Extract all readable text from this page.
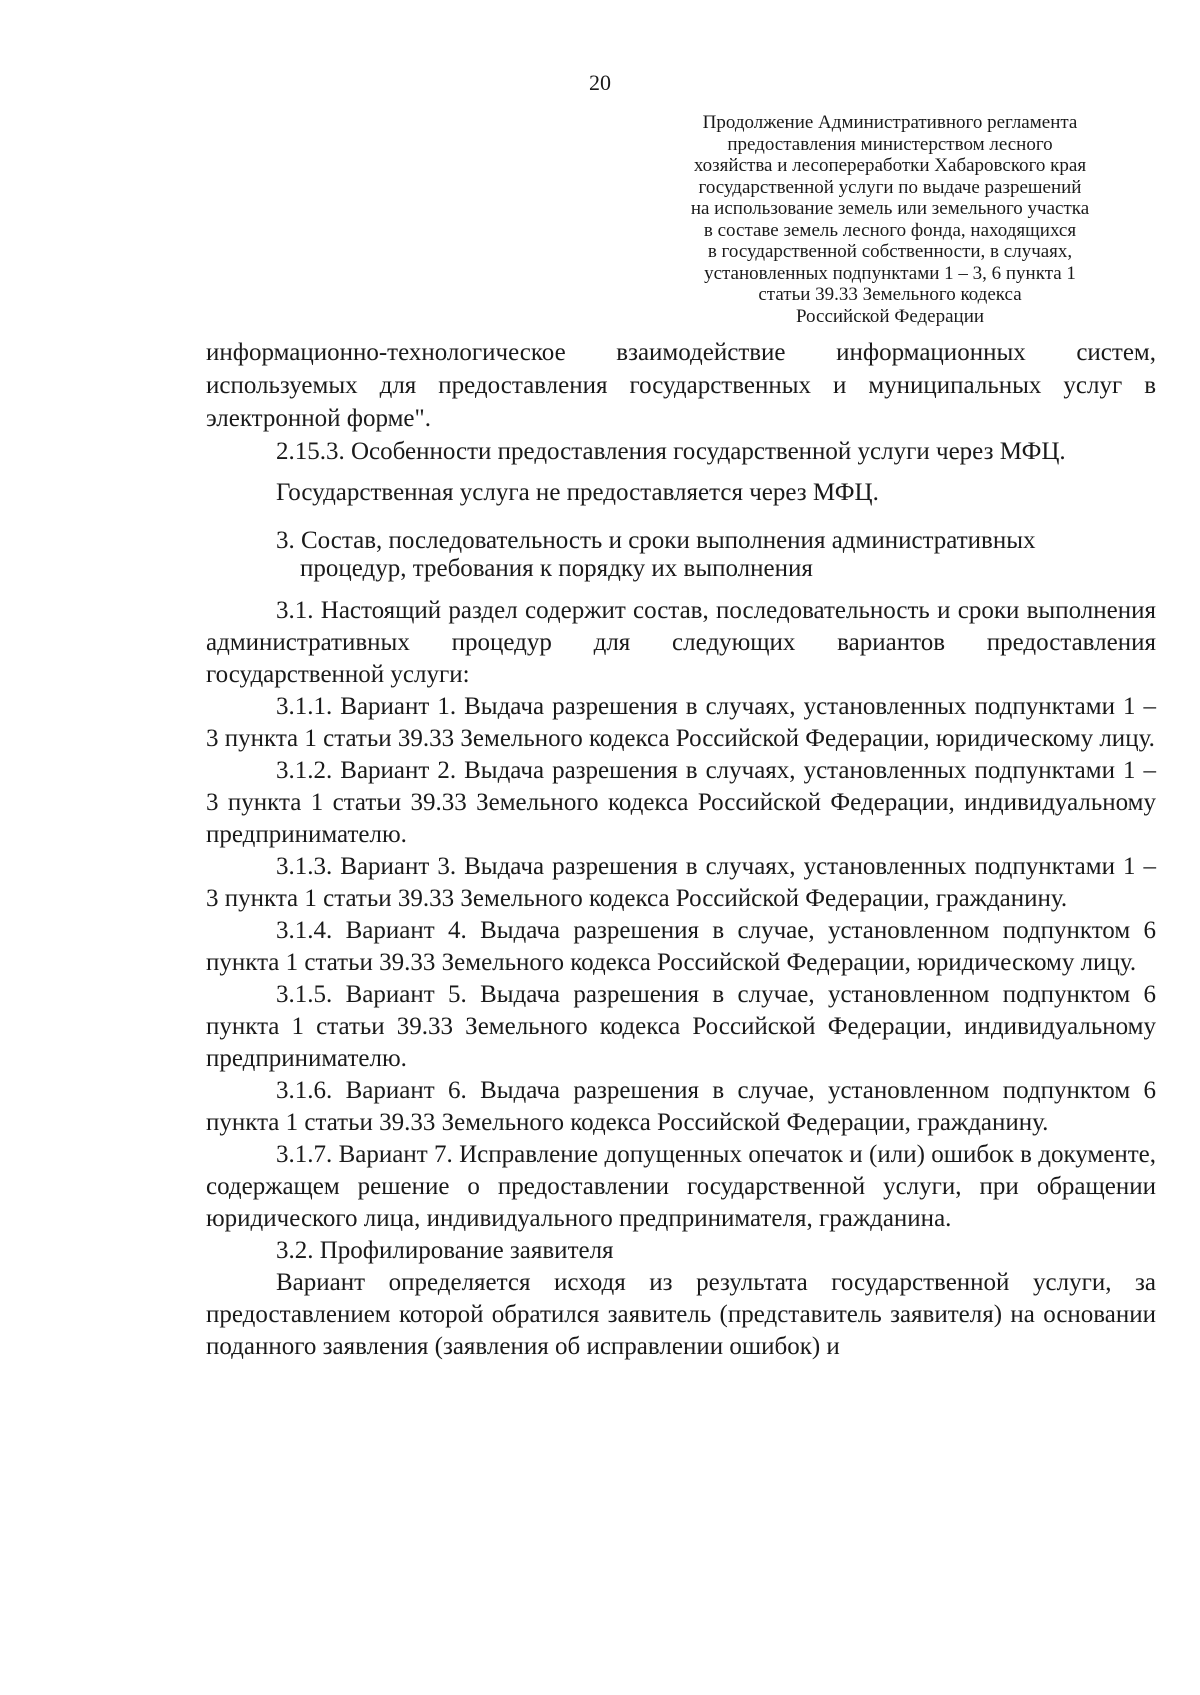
20
Продолжение Административного регламента
предоставления министерством лесного
хозяйства и лесопереработки Хабаровского края
государственной услуги по выдаче разрешений
на использование земель или земельного участка
в составе земель лесного фонда, находящихся
в государственной собственности, в случаях,
установленных подпунктами 1 – 3, 6 пункта 1
статьи 39.33 Земельного кодекса
Российской Федерации

информационно-технологическое взаимодействие информационных систем, используемых для предоставления государственных и муниципальных услуг в электронной форме".

2.15.3. Особенности предоставления государственной услуги через МФЦ.

Государственная услуга не предоставляется через МФЦ.

3. Состав, последовательность и сроки выполнения административных
процедур, требования к порядку их выполнения

3.1. Настоящий раздел содержит состав, последовательность и сроки выполнения административных процедур для следующих вариантов предоставления государственной услуги:

3.1.1. Вариант 1. Выдача разрешения в случаях, установленных подпунктами 1 – 3 пункта 1 статьи 39.33 Земельного кодекса Российской Федерации, юридическому лицу.

3.1.2. Вариант 2. Выдача разрешения в случаях, установленных подпунктами 1 – 3 пункта 1 статьи 39.33 Земельного кодекса Российской Федерации, индивидуальному предпринимателю.

3.1.3. Вариант 3. Выдача разрешения в случаях, установленных подпунктами 1 – 3 пункта 1 статьи 39.33 Земельного кодекса Российской Федерации, гражданину.

3.1.4. Вариант 4. Выдача разрешения в случае, установленном подпунктом 6 пункта 1 статьи 39.33 Земельного кодекса Российской Федерации, юридическому лицу.

3.1.5. Вариант 5. Выдача разрешения в случае, установленном подпунктом 6 пункта 1 статьи 39.33 Земельного кодекса Российской Федерации, индивидуальному предпринимателю.

3.1.6. Вариант 6. Выдача разрешения в случае, установленном подпунктом 6 пункта 1 статьи 39.33 Земельного кодекса Российской Федерации, гражданину.

3.1.7. Вариант 7. Исправление допущенных опечаток и (или) ошибок в документе, содержащем решение о предоставлении государственной услуги, при обращении юридического лица, индивидуального предпринимателя, гражданина.

3.2. Профилирование заявителя

Вариант определяется исходя из результата государственной услуги, за предоставлением которой обратился заявитель (представитель заявителя) на основании поданного заявления (заявления об исправлении ошибок) и
